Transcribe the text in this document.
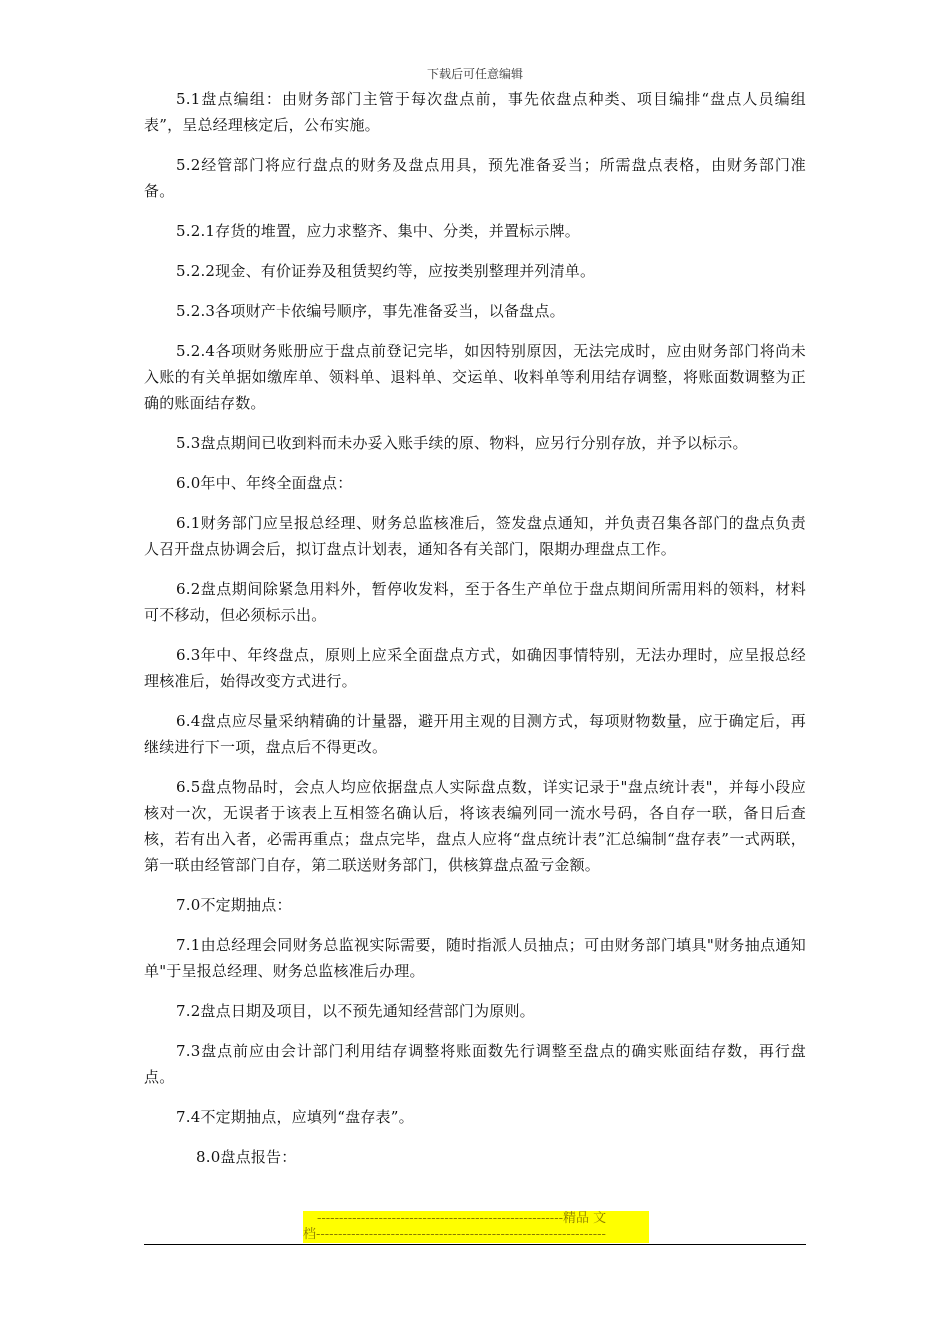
下载后可任意编辑

5.1盘点编组：由财务部门主管于每次盘点前，事先依盘点种类、项目编排“盘点人员编组表”，呈总经理核定后，公布实施。

5.2经管部门将应行盘点的财务及盘点用具，预先准备妥当；所需盘点表格，由财务部门准备。

5.2.1存货的堆置，应力求整齐、集中、分类，并置标示牌。

5.2.2现金、有价证券及租赁契约等，应按类别整理并列清单。

5.2.3各项财产卡依编号顺序，事先准备妥当，以备盘点。

5.2.4各项财务账册应于盘点前登记完毕，如因特别原因，无法完成时，应由财务部门将尚未入账的有关单据如缴库单、领料单、退料单、交运单、收料单等利用结存调整，将账面数调整为正确的账面结存数。

5.3盘点期间已收到料而未办妥入账手续的原、物料，应另行分别存放，并予以标示。

6.0年中、年终全面盘点：

6.1财务部门应呈报总经理、财务总监核准后，签发盘点通知，并负责召集各部门的盘点负责人召开盘点协调会后，拟订盘点计划表，通知各有关部门，限期办理盘点工作。

6.2盘点期间除紧急用料外，暂停收发料，至于各生产单位于盘点期间所需用料的领料，材料可不移动，但必须标示出。

6.3年中、年终盘点，原则上应采全面盘点方式，如确因事情特别，无法办理时，应呈报总经理核准后，始得改变方式进行。

6.4盘点应尽量采纳精确的计量器，避开用主观的目测方式，每项财物数量，应于确定后，再继续进行下一项，盘点后不得更改。

6.5盘点物品时，会点人均应依据盘点人实际盘点数，详实记录于"盘点统计表"，并每小段应核对一次，无误者于该表上互相签名确认后，将该表编列同一流水号码，各自存一联，备日后查核，若有出入者，必需再重点；盘点完毕，盘点人应将“盘点统计表”汇总编制“盘存表”一式两联，第一联由经管部门自存，第二联送财务部门，供核算盘点盈亏金额。

7.0不定期抽点：

7.1由总经理会同财务总监视实际需要，随时指派人员抽点；可由财务部门填具"财务抽点通知单"于呈报总经理、财务总监核准后办理。

7.2盘点日期及项目，以不预先通知经营部门为原则。

7.3盘点前应由会计部门利用结存调整将账面数先行调整至盘点的确实账面结存数，再行盘点。

7.4不定期抽点，应填列“盘存表”。

8.0盘点报告：

--------------------------------------------------------精品 文
档------------------------------------------------------------------
